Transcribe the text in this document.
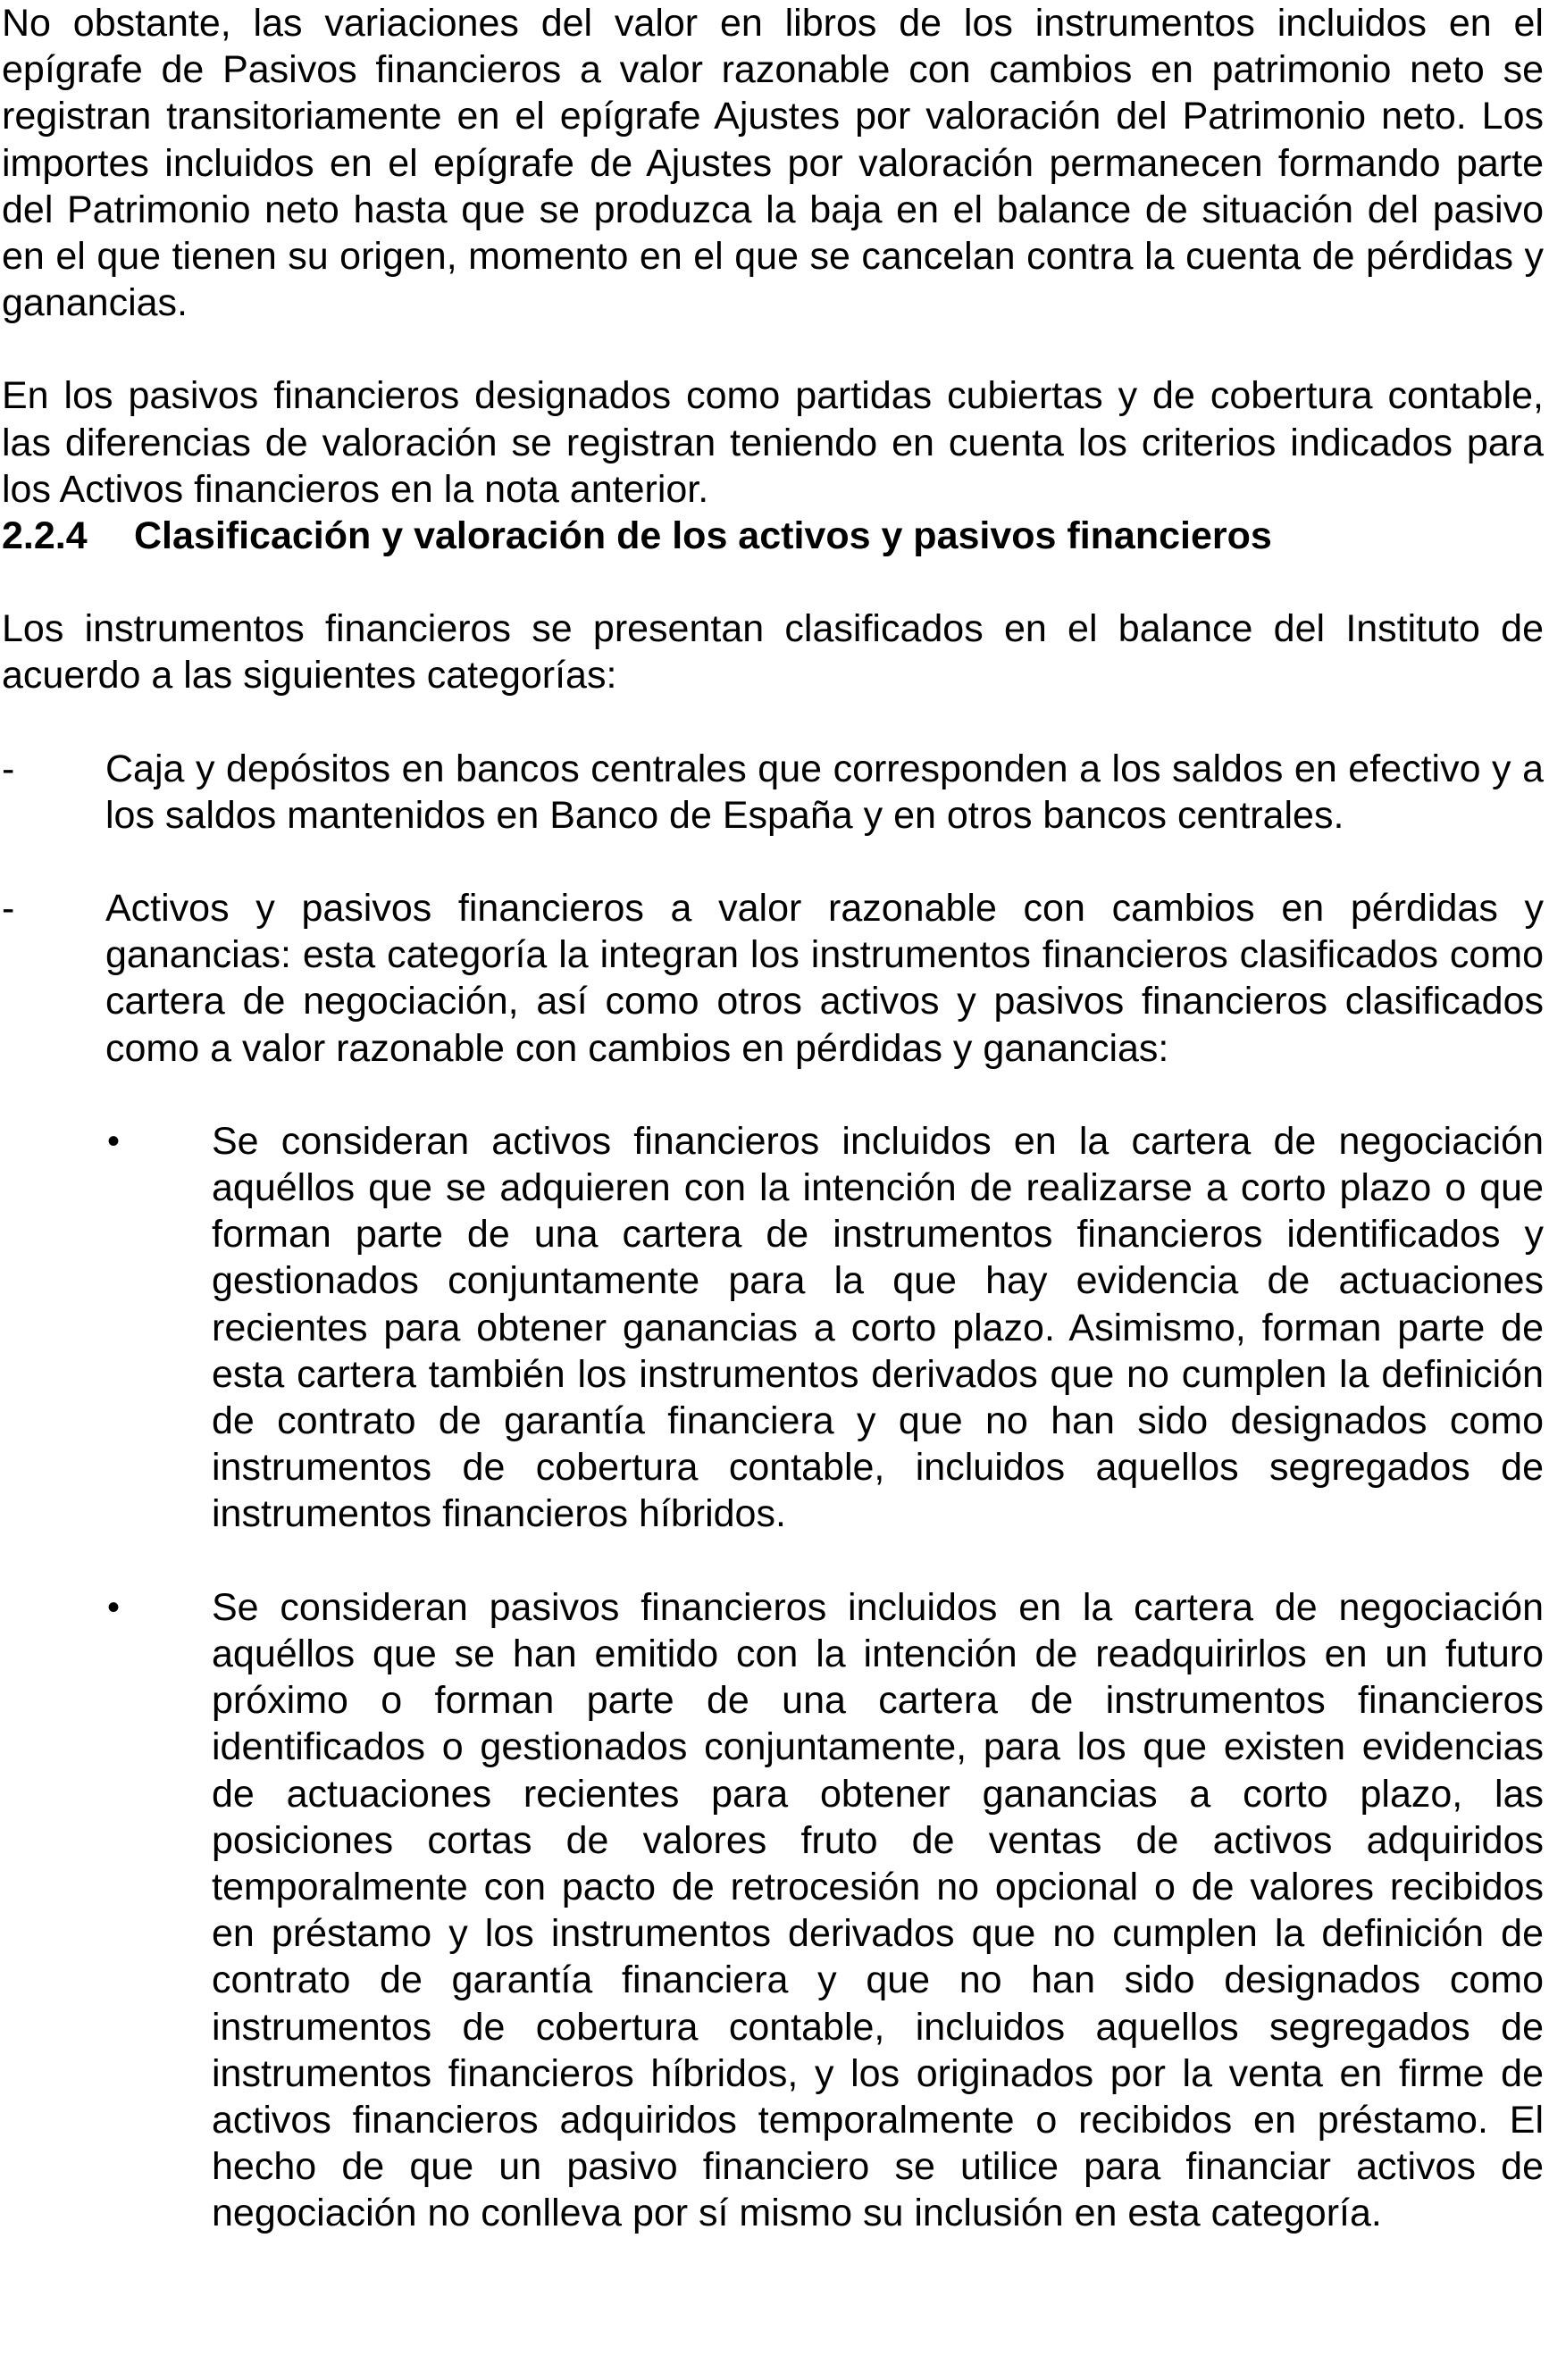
No obstante, las variaciones del valor en libros de los instrumentos incluidos en el epígrafe de Pasivos financieros a valor razonable con cambios en patrimonio neto se registran transitoriamente en el epígrafe Ajustes por valoración del Patrimonio neto. Los importes incluidos en el epígrafe de Ajustes por valoración permanecen formando parte del Patrimonio neto hasta que se produzca la baja en el balance de situación del pasivo en el que tienen su origen, momento en el que se cancelan contra la cuenta de pérdidas y ganancias.

En los pasivos financieros designados como partidas cubiertas y de cobertura contable, las diferencias de valoración se registran teniendo en cuenta los criterios indicados para los Activos financieros en la nota anterior.

2.2.4 Clasificación y valoración de los activos y pasivos financieros

Los instrumentos financieros se presentan clasificados en el balance del Instituto de acuerdo a las siguientes categorías:

- Caja y depósitos en bancos centrales que corresponden a los saldos en efectivo y a los saldos mantenidos en Banco de España y en otros bancos centrales.
- Activos y pasivos financieros a valor razonable con cambios en pérdidas y ganancias: esta categoría la integran los instrumentos financieros clasificados como cartera de negociación, así como otros activos y pasivos financieros clasificados como a valor razonable con cambios en pérdidas y ganancias:
• Se consideran activos financieros incluidos en la cartera de negociación aquéllos que se adquieren con la intención de realizarse a corto plazo o que forman parte de una cartera de instrumentos financieros identificados y gestionados conjuntamente para la que hay evidencia de actuaciones recientes para obtener ganancias a corto plazo. Asimismo, forman parte de esta cartera también los instrumentos derivados que no cumplen la definición de contrato de garantía financiera y que no han sido designados como instrumentos de cobertura contable, incluidos aquellos segregados de instrumentos financieros híbridos.
• Se consideran pasivos financieros incluidos en la cartera de negociación aquéllos que se han emitido con la intención de readquirirlos en un futuro próximo o forman parte de una cartera de instrumentos financieros identificados o gestionados conjuntamente, para los que existen evidencias de actuaciones recientes para obtener ganancias a corto plazo, las posiciones cortas de valores fruto de ventas de activos adquiridos temporalmente con pacto de retrocesión no opcional o de valores recibidos en préstamo y los instrumentos derivados que no cumplen la definición de contrato de garantía financiera y que no han sido designados como instrumentos de cobertura contable, incluidos aquellos segregados de instrumentos financieros híbridos, y los originados por la venta en firme de activos financieros adquiridos temporalmente o recibidos en préstamo. El hecho de que un pasivo financiero se utilice para financiar activos de negociación no conlleva por sí mismo su inclusión en esta categoría.
